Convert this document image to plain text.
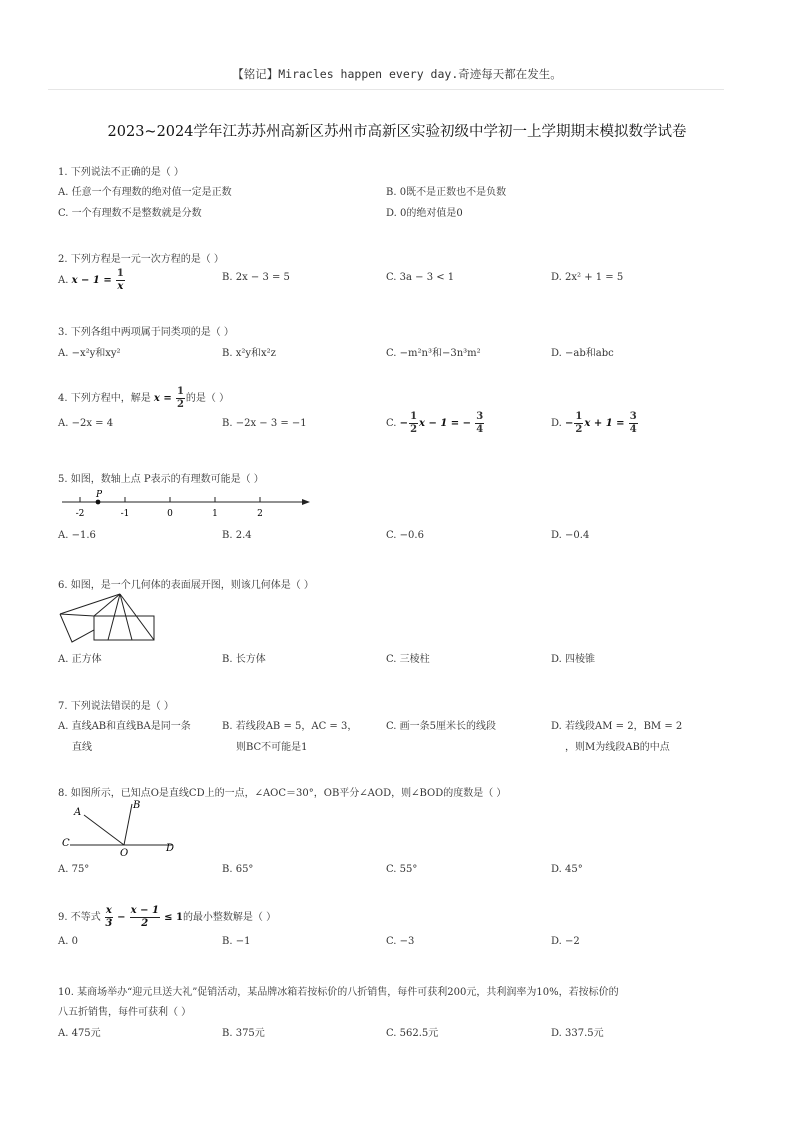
【铭记】Miracles happen every day.奇迹每天都在发生。
2023~2024学年江苏苏州高新区苏州市高新区实验初级中学初一上学期期末模拟数学试卷
1. 下列说法不正确的是（ ）
A. 任意一个有理数的绝对值一定是正数	B. 0既不是正数也不是负数
C. 一个有理数不是整数就是分数	D. 0的绝对值是0
2. 下列方程是一元一次方程的是（ ）
A. $x - 1 = \frac{1}{x}$	B. 2x − 3 = 5	C. 3a − 3 < 1	D. 2x² + 1 = 5
3. 下列各组中两项属于同类项的是（ ）
A. −x²y和xy²	B. x²y和x²z	C. −m²n³和−3n³m²	D. −ab和abc
4. 下列方程中，解是 $x = \frac{1}{2}$ 的是（ ）
A. −2x = 4	B. −2x − 3 = −1	C. − $\frac{1}{2}$ x − 1 = − $\frac{3}{4}$	D. − $\frac{1}{2}$ $x + 1 = \frac{3}{4}$
5. 如图，数轴上点 P表示的有理数可能是（ ）
-2	-1	0	1	2
P
A. −1.6	B. 2.4	C. −0.6	D. −0.4
6. 如图，是一个几何体的表面展开图，则该几何体是（ ）
A. 正方体	B. 长方体	C. 三棱柱	D. 四棱锥
7. 下列说法错误的是（ ）
A. 直线AB和直线BA是同一条
直线
B. 若线段AB = 5，AC = 3，
则BC不可能是1
C. 画一条5厘米长的线段	D. 若线段AM = 2，BM = 2
，则M为线段AB的中点
8. 如图所示，已知点O是直线CD上的一点，∠AOC＝30°，OB平分∠AOD，则∠BOD的度数是（ ）
A
B
C
O	D
A. 75°	B. 65°	C. 55°	D. 45°
9. 不等式 $\frac{x}{3} - \frac{x - 1}{2} \le 1$的最小整数解是（ ）
A. 0	B. −1	C. −3	D. −2
10. 某商场举办“迎元旦送大礼”促销活动，某品牌冰箱若按标价的八折销售，每件可获利200元，共利润率为10%，若按标价的
八五折销售，每件可获利（ ）
A. 475元	B. 375元	C. 562.5元	D. 337.5元
